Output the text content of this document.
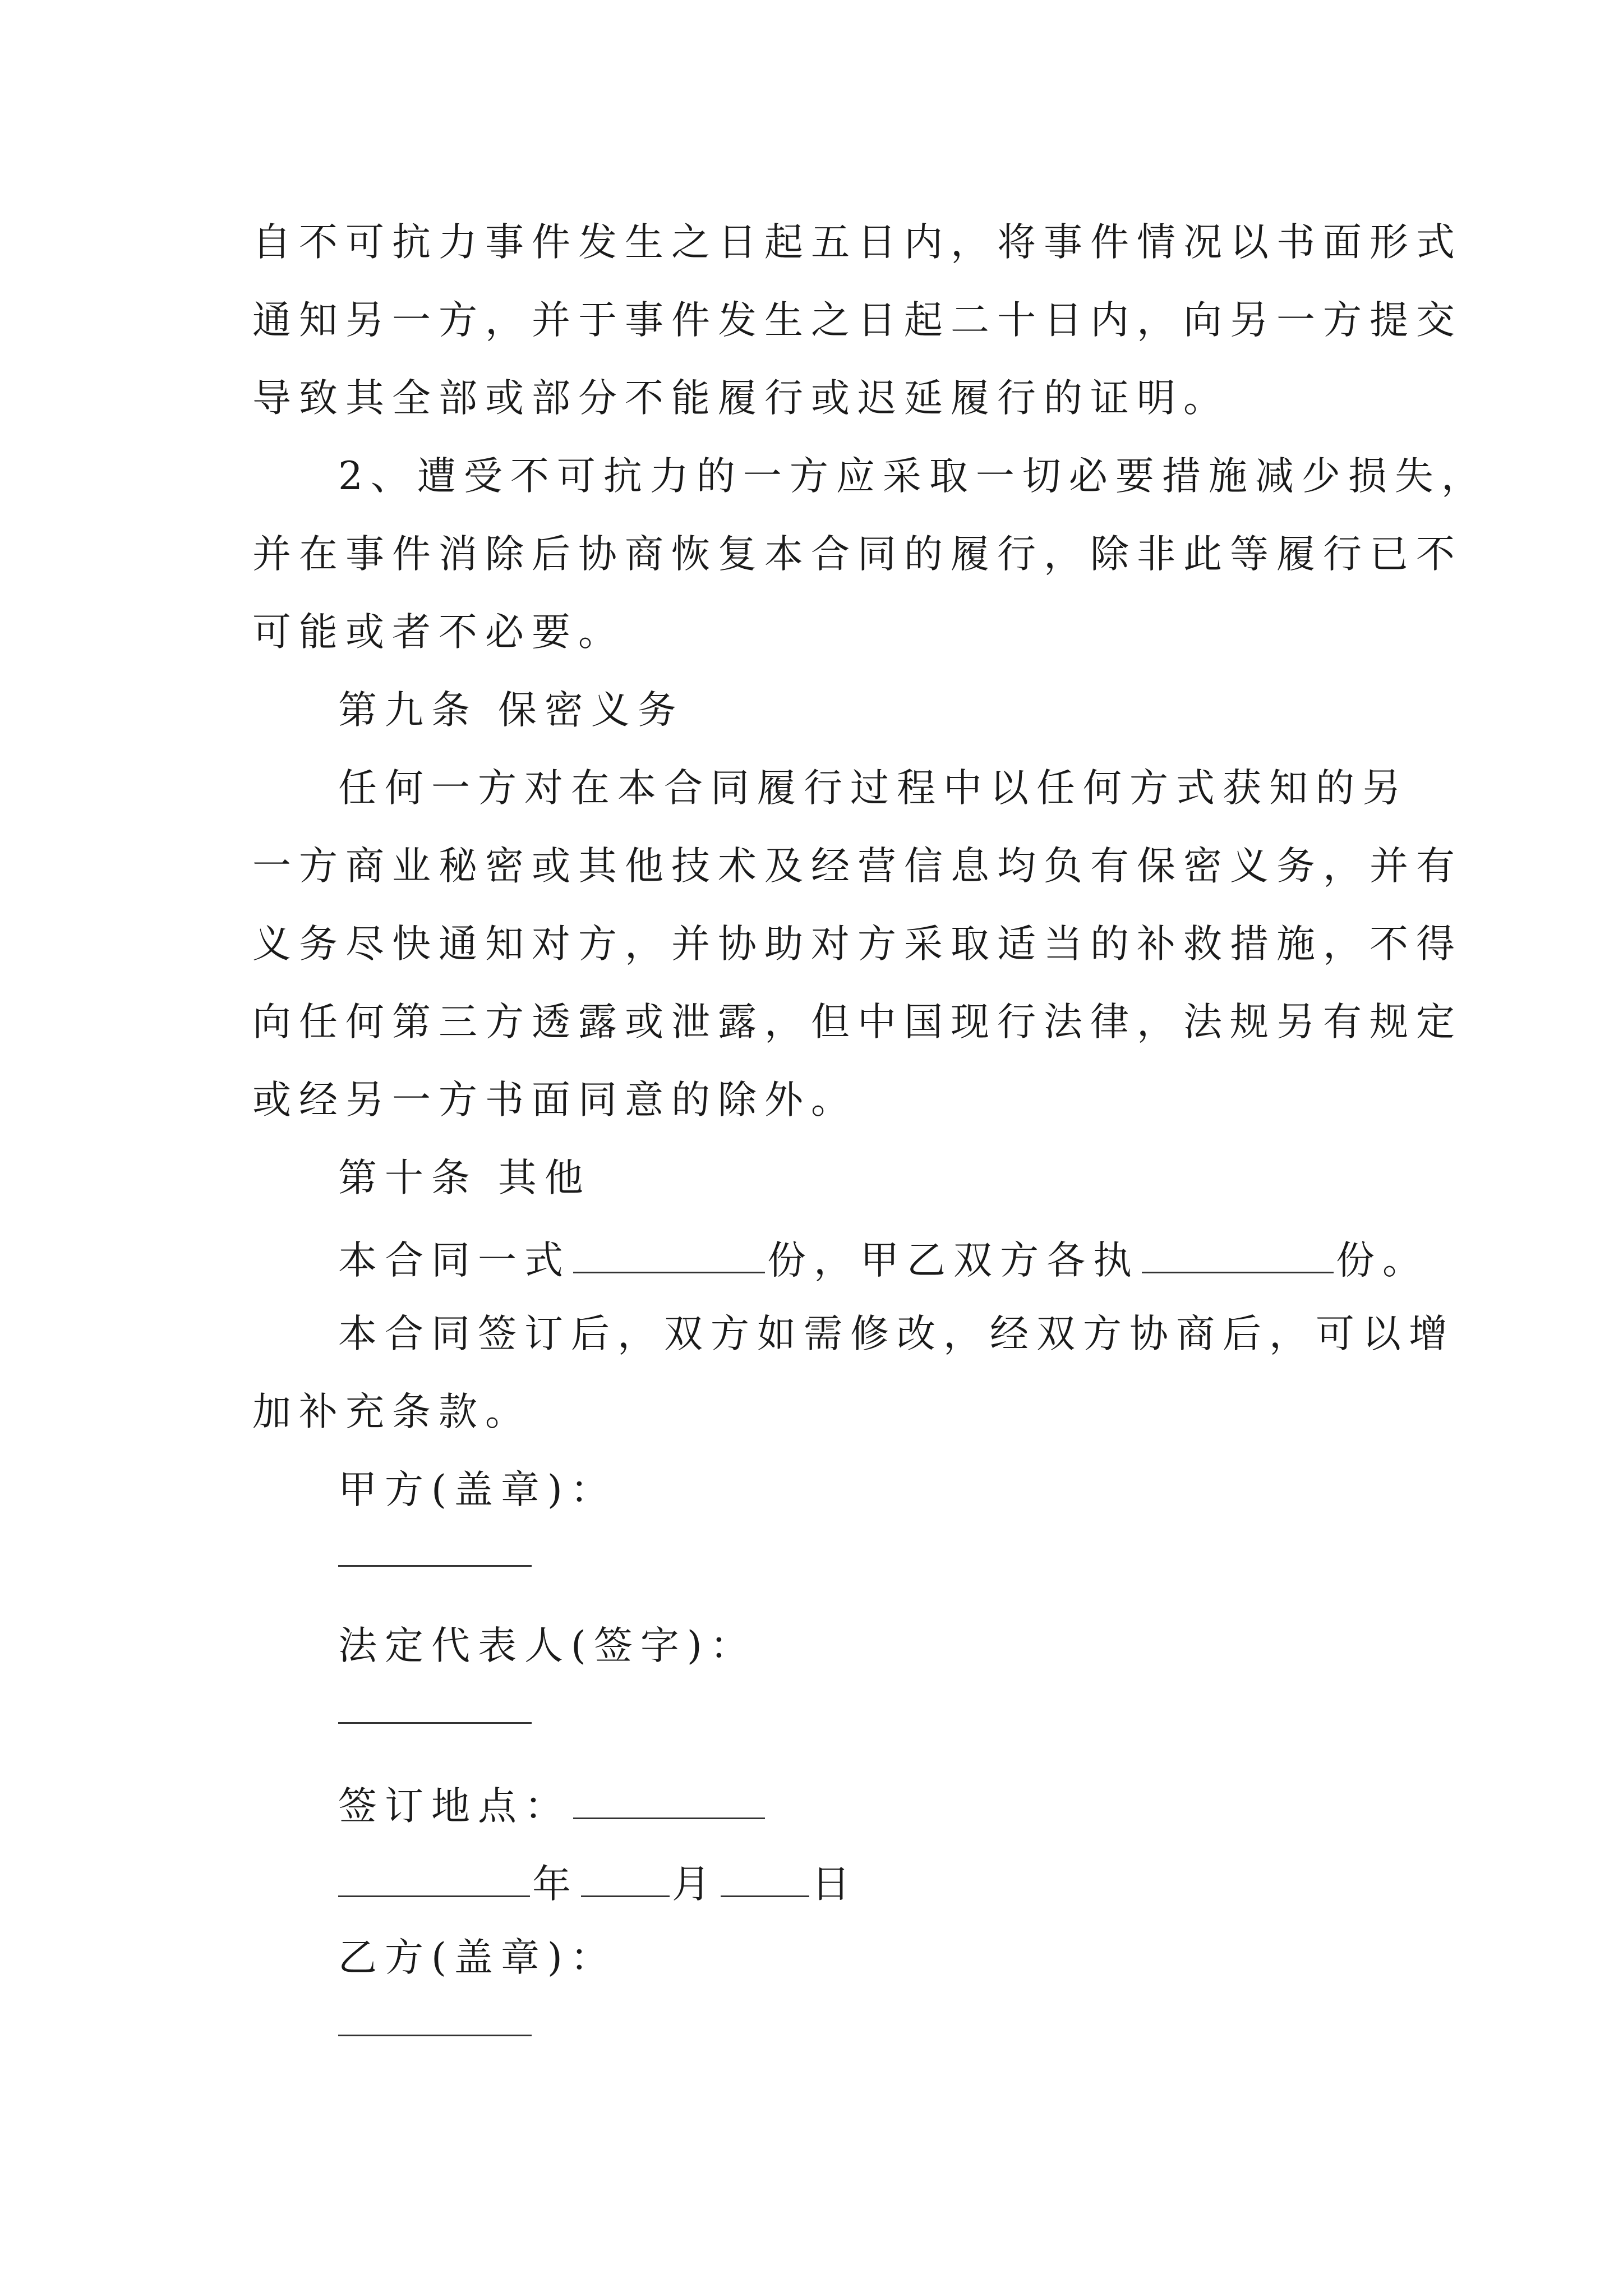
自不可抗力事件发生之日起五日内，将事件情况以书面形式
通知另一方，并于事件发生之日起二十日内，向另一方提交
导致其全部或部分不能履行或迟延履行的证明。
2、遭受不可抗力的一方应采取一切必要措施减少损失，
并在事件消除后协商恢复本合同的履行，除非此等履行已不
可能或者不必要。
第九条 保密义务
任何一方对在本合同履行过程中以任何方式获知的另
一方商业秘密或其他技术及经营信息均负有保密义务，并有
义务尽快通知对方，并协助对方采取适当的补救措施，不得
向任何第三方透露或泄露，但中国现行法律，法规另有规定
或经另一方书面同意的除外。
第十条 其他
本合同一式	份，甲乙双方各执	份。
本合同签订后，双方如需修改，经双方协商后，可以增
加补充条款。
甲方(盖章)：
法定代表人(签字)：
签订地点：
年 月 日
乙方(盖章)：
